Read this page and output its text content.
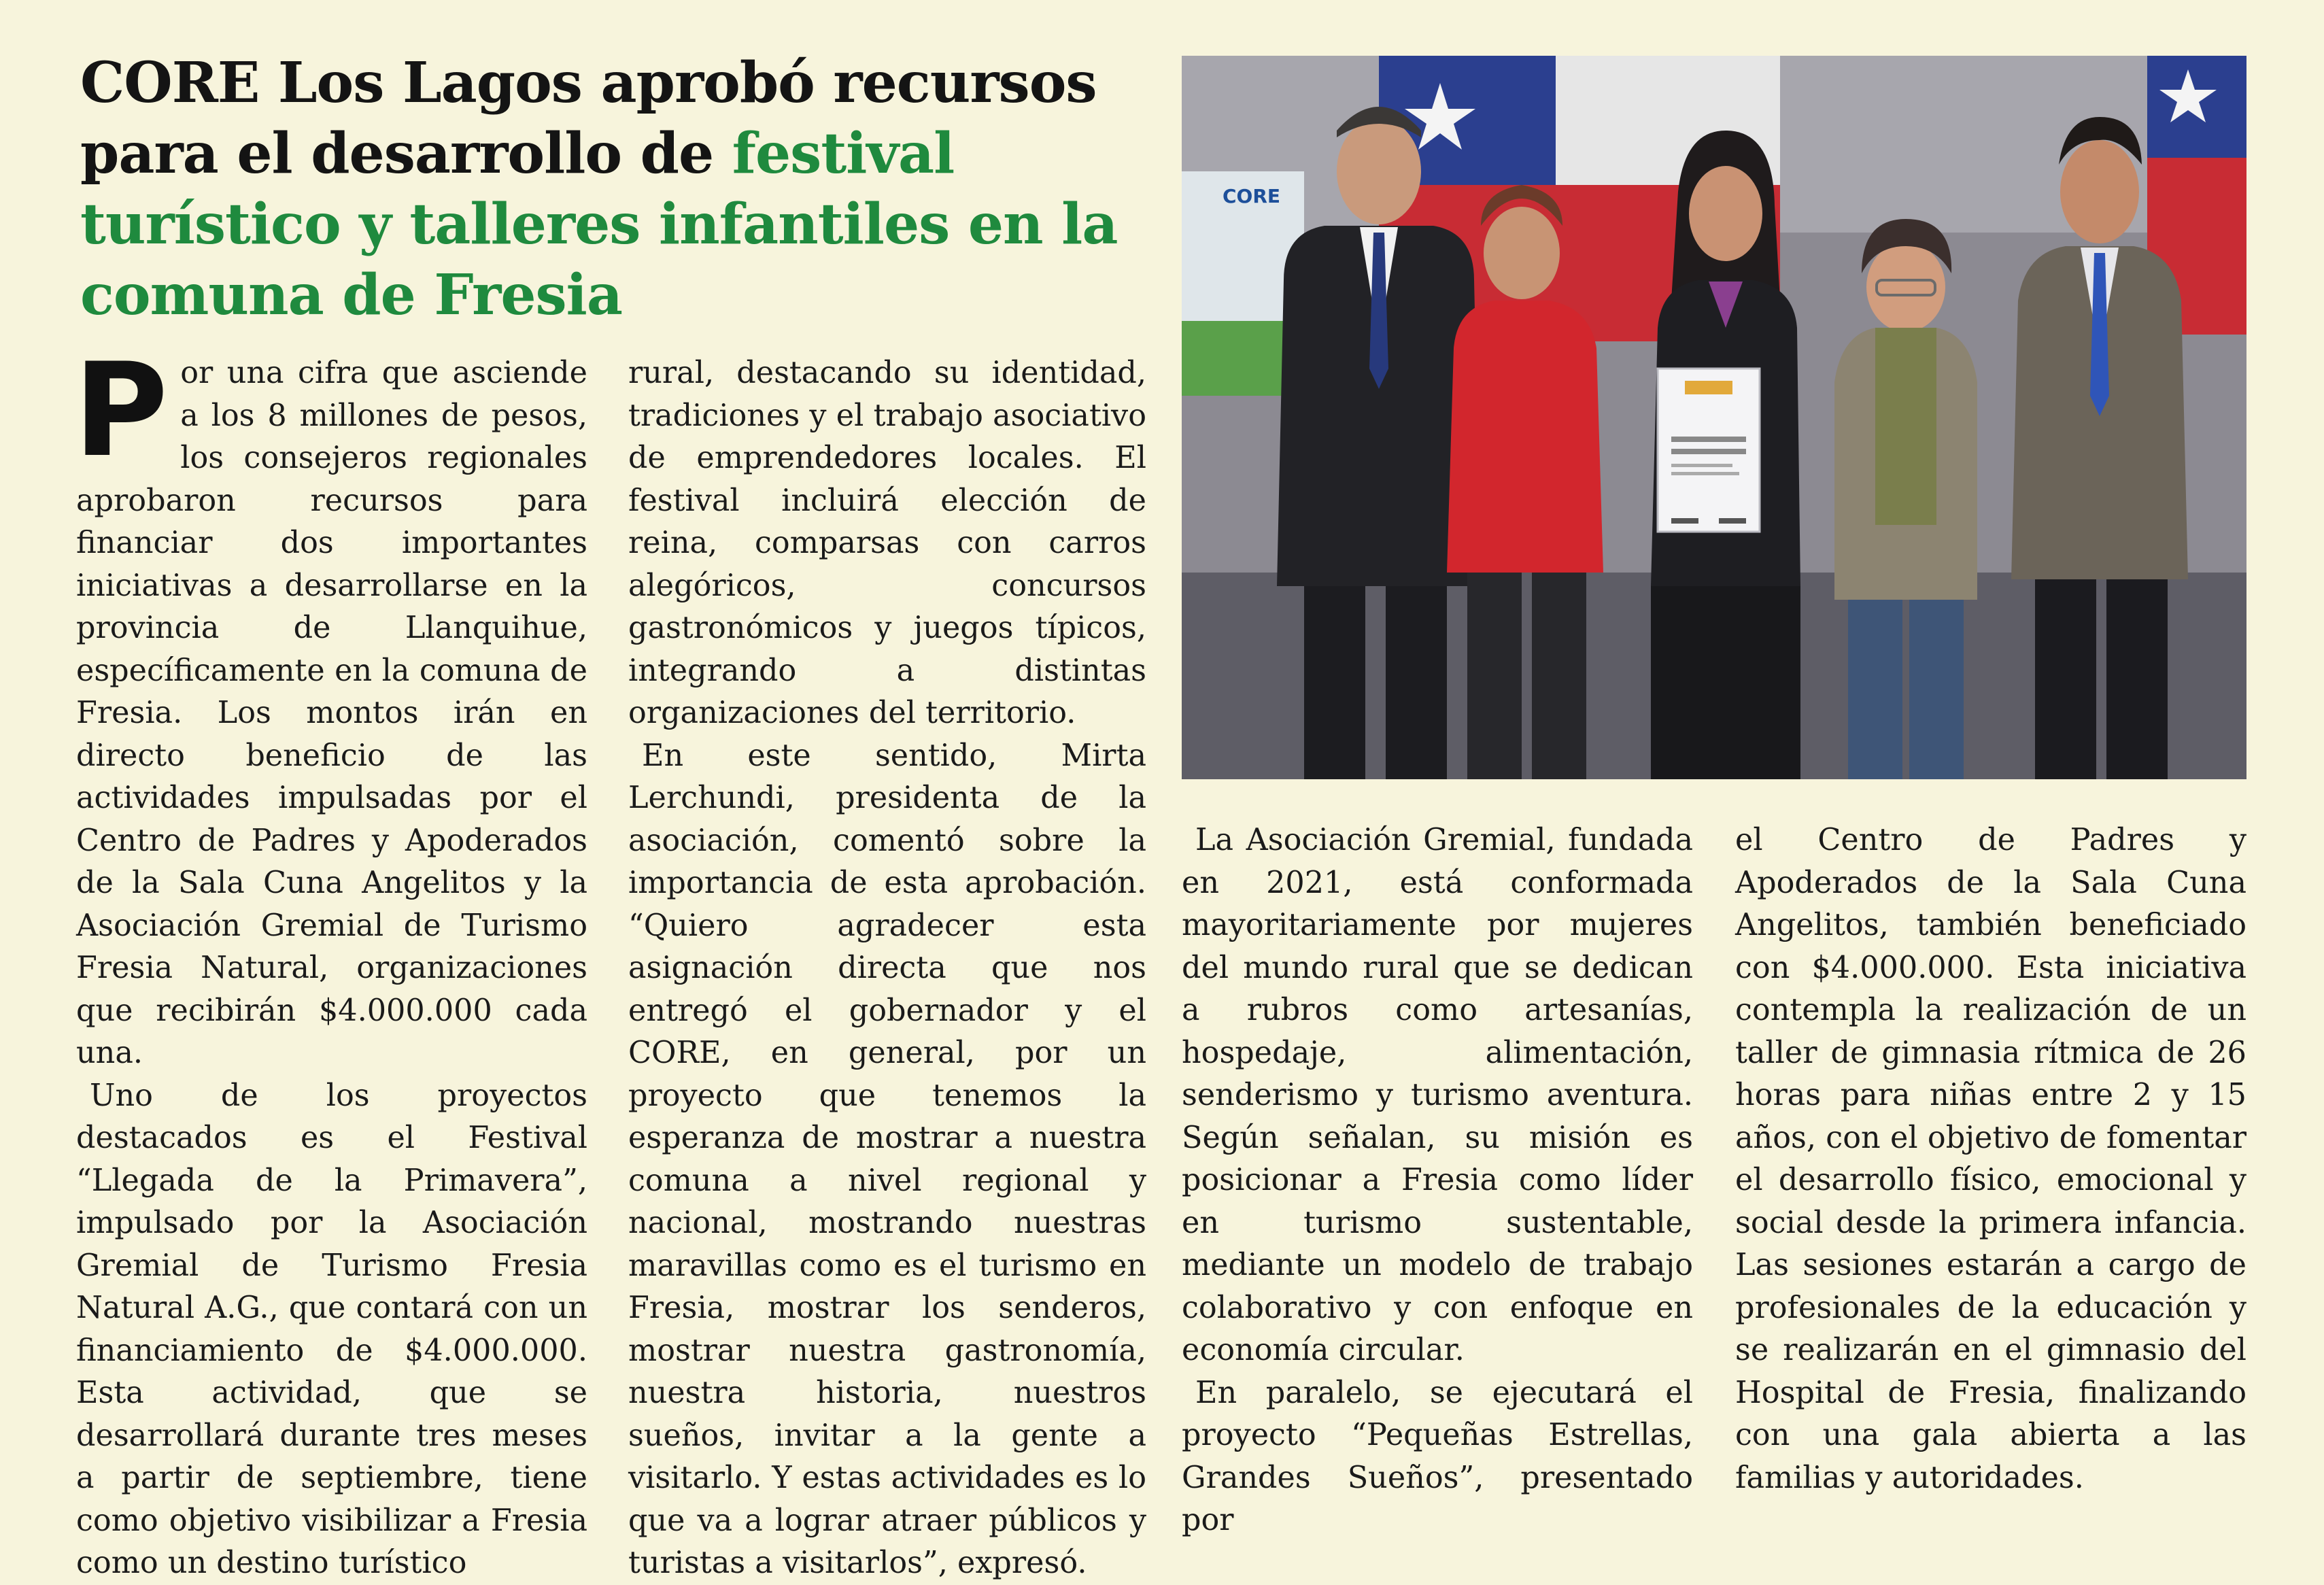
CORE Los Lagos aprobó recursos para el desarrollo de festival turístico y talleres infantiles en la comuna de Fresia

Por una cifra que asciende a los 8 millones de pesos, los consejeros regionales aprobaron recursos para financiar dos importantes iniciativas a desarrollarse en la provincia de Llanquihue, específicamente en la comuna de Fresia. Los montos irán en directo beneficio de las actividades impulsadas por el Centro de Padres y Apoderados de la Sala Cuna Angelitos y la Asociación Gremial de Turismo Fresia Natural, organizaciones que recibirán $4.000.000 cada una.

Uno de los proyectos destacados es el Festival “Llegada de la Primavera”, impulsado por la Asociación Gremial de Turismo Fresia Natural A.G., que contará con un financiamiento de $4.000.000. Esta actividad, que se desarrollará durante tres meses a partir de septiembre, tiene como objetivo visibilizar a Fresia como un destino turístico

rural, destacando su identidad, tradiciones y el trabajo asociativo de emprendedores locales. El festival incluirá elección de reina, comparsas con carros alegóricos, concursos gastronómicos y juegos típicos, integrando a distintas organizaciones del territorio.

En este sentido, Mirta Lerchundi, presidenta de la asociación, comentó sobre la importancia de esta aprobación. “Quiero agradecer esta asignación directa que nos entregó el gobernador y el CORE, en general, por un proyecto que tenemos la esperanza de mostrar a nuestra comuna a nivel regional y nacional, mostrando nuestras maravillas como es el turismo en Fresia, mostrar los senderos, mostrar nuestra gastronomía, nuestra historia, nuestros sueños, invitar a la gente a visitarlo. Y estas actividades es lo que va a lograr atraer públicos y turistas a visitarlos”, expresó.

CORE

La Asociación Gremial, fundada en 2021, está conformada mayoritariamente por mujeres del mundo rural que se dedican a rubros como artesanías, hospedaje, alimentación, senderismo y turismo aventura. Según señalan, su misión es posicionar a Fresia como líder en turismo sustentable, mediante un modelo de trabajo colaborativo y con enfoque en economía circular.

En paralelo, se ejecutará el proyecto “Pequeñas Estrellas, Grandes Sueños”, presentado por

el Centro de Padres y Apoderados de la Sala Cuna Angelitos, también beneficiado con $4.000.000. Esta iniciativa contempla la realización de un taller de gimnasia rítmica de 26 horas para niñas entre 2 y 15 años, con el objetivo de fomentar el desarrollo físico, emocional y social desde la primera infancia. Las sesiones estarán a cargo de profesionales de la educación y se realizarán en el gimnasio del Hospital de Fresia, finalizando con una gala abierta a las familias y autoridades.
